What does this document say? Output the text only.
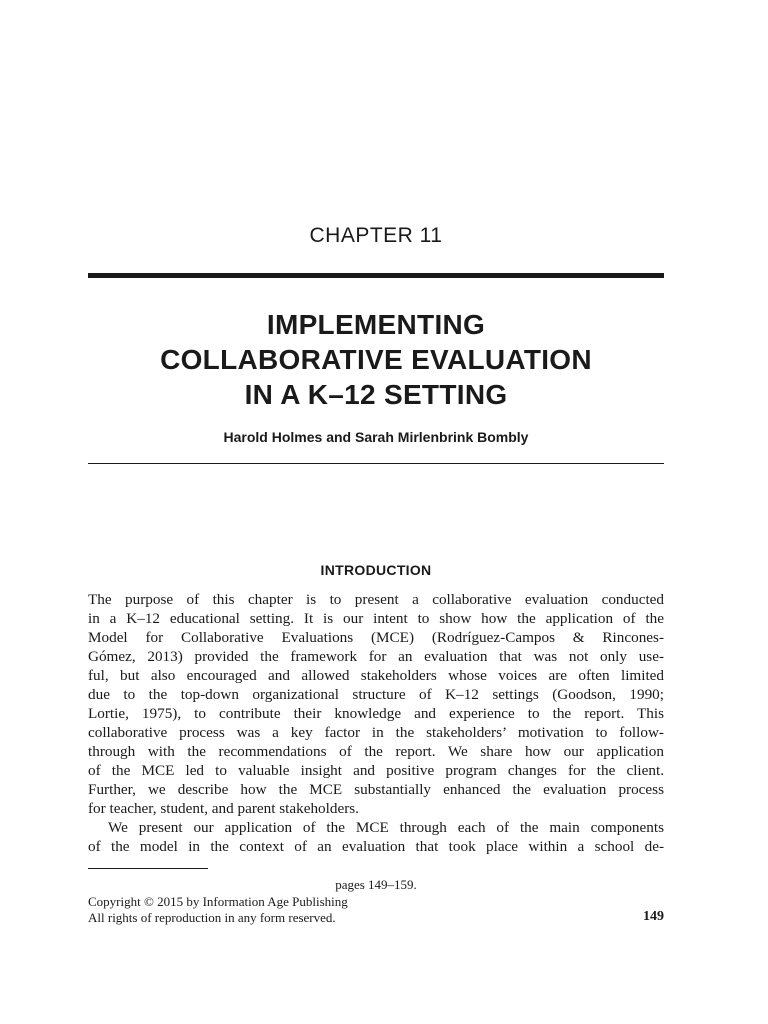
CHAPTER 11
IMPLEMENTING
COLLABORATIVE EVALUATION
IN A K–12 SETTING
Harold Holmes and Sarah Mirlenbrink Bombly
INTRODUCTION
The purpose of this chapter is to present a collaborative evaluation conducted
in a K–12 educational setting. It is our intent to show how the application of the
Model for Collaborative Evaluations (MCE) (Rodríguez-Campos & Rincones-
Gómez, 2013) provided the framework for an evaluation that was not only use-
ful, but also encouraged and allowed stakeholders whose voices are often limited
due to the top-down organizational structure of K–12 settings (Goodson, 1990;
Lortie, 1975), to contribute their knowledge and experience to the report. This
collaborative process was a key factor in the stakeholders’ motivation to follow-
through with the recommendations of the report. We share how our application
of the MCE led to valuable insight and positive program changes for the client.
Further, we describe how the MCE substantially enhanced the evaluation process
for teacher, student, and parent stakeholders.
We present our application of the MCE through each of the main components
of the model in the context of an evaluation that took place within a school de-
pages 149–159.
Copyright © 2015 by Information Age Publishing
All rights of reproduction in any form reserved.	149
